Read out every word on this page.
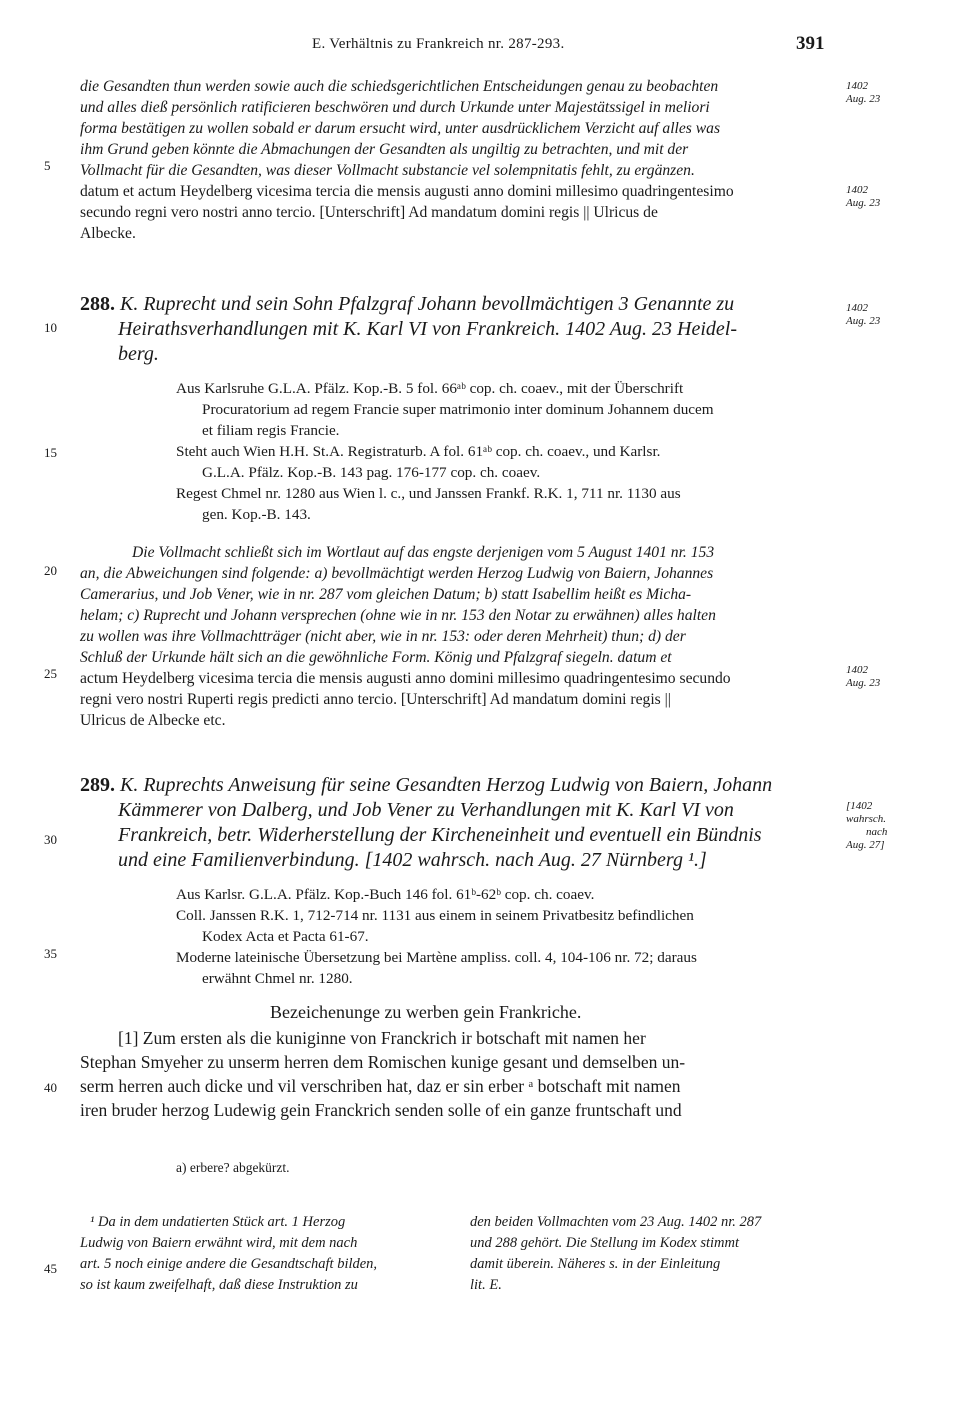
E. Verhältnis zu Frankreich nr. 287-293.	391
5
10
15
20
25
30
35
40
45
die Gesandten thun werden sowie auch die schiedsgerichtlichen Entscheidungen genau zu beobachten
und alles dieß persönlich ratificieren beschwören und durch Urkunde unter Majestätssigel in meliori
forma bestätigen zu wollen sobald er darum ersucht wird, unter ausdrücklichem Verzicht auf alles was
ihm Grund geben könnte die Abmachungen der Gesandten als ungiltig zu betrachten, und mit der
Vollmacht für die Gesandten, was dieser Vollmacht substancie vel solempnitatis fehlt, zu ergänzen.
datum et actum Heydelberg vicesima tercia die mensis augusti anno domini millesimo quadringentesimo
secundo regni vero nostri anno tercio. [Unterschrift] Ad mandatum domini regis || Ulricus de
Albecke.
1402
Aug. 23
1402
Aug. 23
1402
Aug. 23
1402
Aug. 23
[1402
wahrsch.
nach
Aug. 27]
288. K. Ruprecht und sein Sohn Pfalzgraf Johann bevollmächtigen 3 Genannte zu
Heirathsverhandlungen mit K. Karl VI von Frankreich. 1402 Aug. 23 Heidel-
berg.
Aus Karlsruhe G.L.A. Pfälz. Kop.-B. 5 fol. 66ᵃᵇ cop. ch. coaev., mit der Überschrift
Procuratorium ad regem Francie super matrimonio inter dominum Johannem ducem
et filiam regis Francie.
Steht auch Wien H.H. St.A. Registraturb. A fol. 61ᵃᵇ cop. ch. coaev., und Karlsr.
G.L.A. Pfälz. Kop.-B. 143 pag. 176-177 cop. ch. coaev.
Regest Chmel nr. 1280 aus Wien l. c., und Janssen Frankf. R.K. 1, 711 nr. 1130 aus
gen. Kop.-B. 143.
Die Vollmacht schließt sich im Wortlaut auf das engste derjenigen vom 5 August 1401 nr. 153
an, die Abweichungen sind folgende: a) bevollmächtigt werden Herzog Ludwig von Baiern, Johannes
Camerarius, und Job Vener, wie in nr. 287 vom gleichen Datum; b) statt Isabellim heißt es Micha-
helam; c) Ruprecht und Johann versprechen (ohne wie in nr. 153 den Notar zu erwähnen) alles halten
zu wollen was ihre Vollmachtträger (nicht aber, wie in nr. 153: oder deren Mehrheit) thun; d) der
Schluß der Urkunde hält sich an die gewöhnliche Form. König und Pfalzgraf siegeln. datum et
actum Heydelberg vicesima tercia die mensis augusti anno domini millesimo quadringentesimo secundo
regni vero nostri Ruperti regis predicti anno tercio. [Unterschrift] Ad mandatum domini regis ||
Ulricus de Albecke etc.
289. K. Ruprechts Anweisung für seine Gesandten Herzog Ludwig von Baiern, Johann
Kämmerer von Dalberg, und Job Vener zu Verhandlungen mit K. Karl VI von
Frankreich, betr. Widerherstellung der Kircheneinheit und eventuell ein Bündnis
und eine Familienverbindung. [1402 wahrsch. nach Aug. 27 Nürnberg ¹.]
Aus Karlsr. G.L.A. Pfälz. Kop.-Buch 146 fol. 61ᵇ-62ᵇ cop. ch. coaev.
Coll. Janssen R.K. 1, 712-714 nr. 1131 aus einem in seinem Privatbesitz befindlichen
Kodex Acta et Pacta 61-67.
Moderne lateinische Übersetzung bei Martène ampliss. coll. 4, 104-106 nr. 72; daraus
erwähnt Chmel nr. 1280.
Bezeichenunge zu werben gein Frankriche.
[1] Zum ersten als die kuniginne von Franckrich ir botschaft mit namen her
Stephan Smyeher zu unserm herren dem Romischen kunige gesant und demselben un-
serm herren auch dicke und vil verschriben hat, daz er sin erber ᵃ botschaft mit namen
iren bruder herzog Ludewig gein Franckrich senden solle of ein ganze fruntschaft und
a) erbere? abgekürzt.
¹ Da in dem undatierten Stück art. 1 Herzog
Ludwig von Baiern erwähnt wird, mit dem nach
art. 5 noch einige andere die Gesandtschaft bilden,
so ist kaum zweifelhaft, daß diese Instruktion zu
den beiden Vollmachten vom 23 Aug. 1402 nr. 287
und 288 gehört. Die Stellung im Kodex stimmt
damit überein. Näheres s. in der Einleitung
lit. E.
